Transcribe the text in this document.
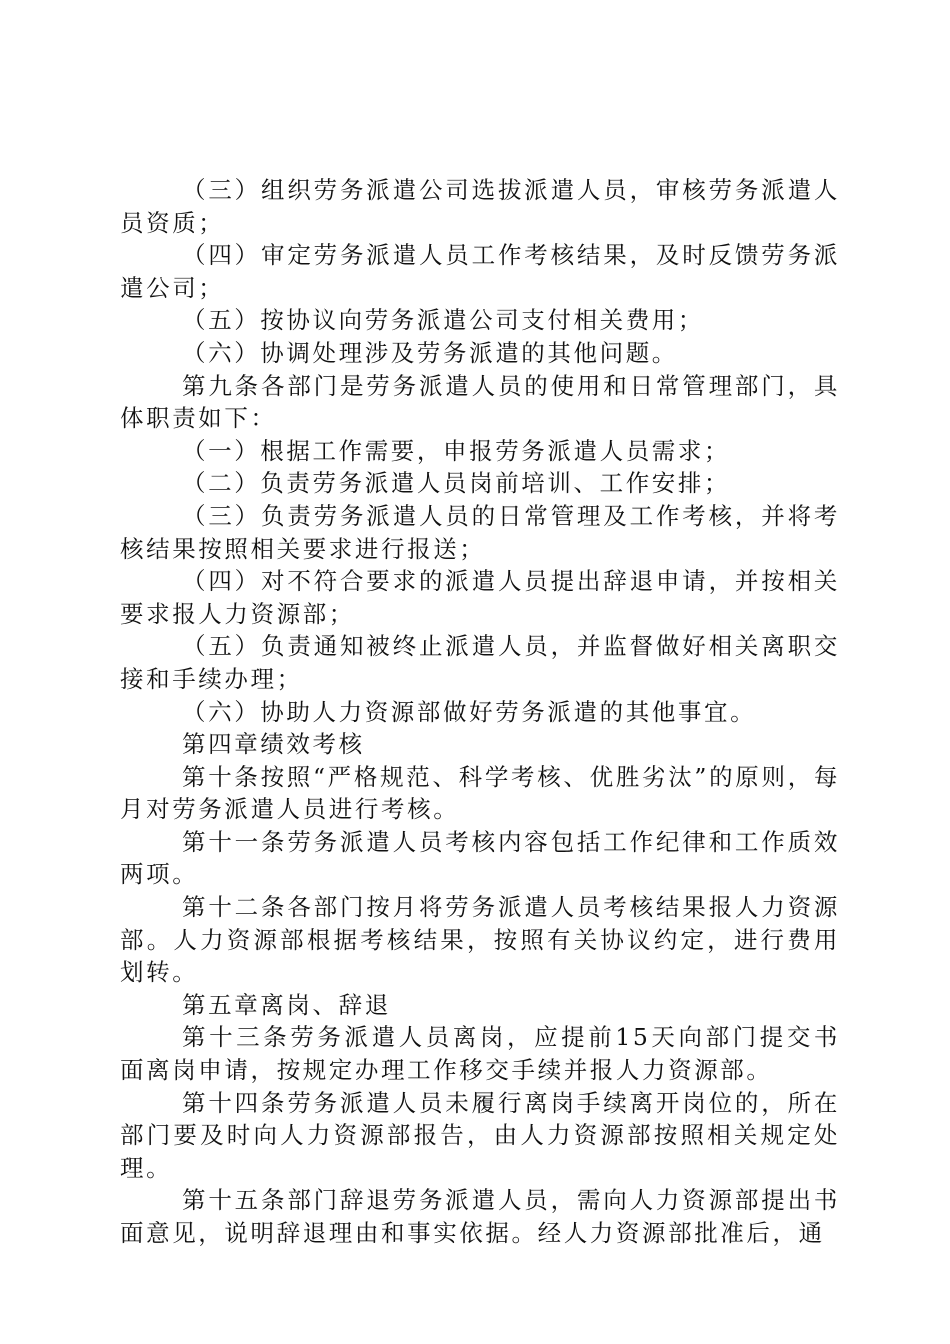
（三）组织劳务派遣公司选拔派遣人员，审核劳务派遣人员资质；

（四）审定劳务派遣人员工作考核结果，及时反馈劳务派遣公司；

（五）按协议向劳务派遣公司支付相关费用；

（六）协调处理涉及劳务派遣的其他问题。

第九条各部门是劳务派遣人员的使用和日常管理部门，具体职责如下：

（一）根据工作需要，申报劳务派遣人员需求；

（二）负责劳务派遣人员岗前培训、工作安排；

（三）负责劳务派遣人员的日常管理及工作考核，并将考核结果按照相关要求进行报送；

（四）对不符合要求的派遣人员提出辞退申请，并按相关要求报人力资源部；

（五）负责通知被终止派遣人员，并监督做好相关离职交接和手续办理；

（六）协助人力资源部做好劳务派遣的其他事宜。

第四章绩效考核

第十条按照“严格规范、科学考核、优胜劣汰”的原则，每月对劳务派遣人员进行考核。

第十一条劳务派遣人员考核内容包括工作纪律和工作质效两项。

第十二条各部门按月将劳务派遣人员考核结果报人力资源部。人力资源部根据考核结果，按照有关协议约定，进行费用划转。

第五章离岗、辞退

第十三条劳务派遣人员离岗，应提前15天向部门提交书面离岗申请，按规定办理工作移交手续并报人力资源部。

第十四条劳务派遣人员未履行离岗手续离开岗位的，所在部门要及时向人力资源部报告，由人力资源部按照相关规定处理。

第十五条部门辞退劳务派遣人员，需向人力资源部提出书面意见，说明辞退理由和事实依据。经人力资源部批准后，通
